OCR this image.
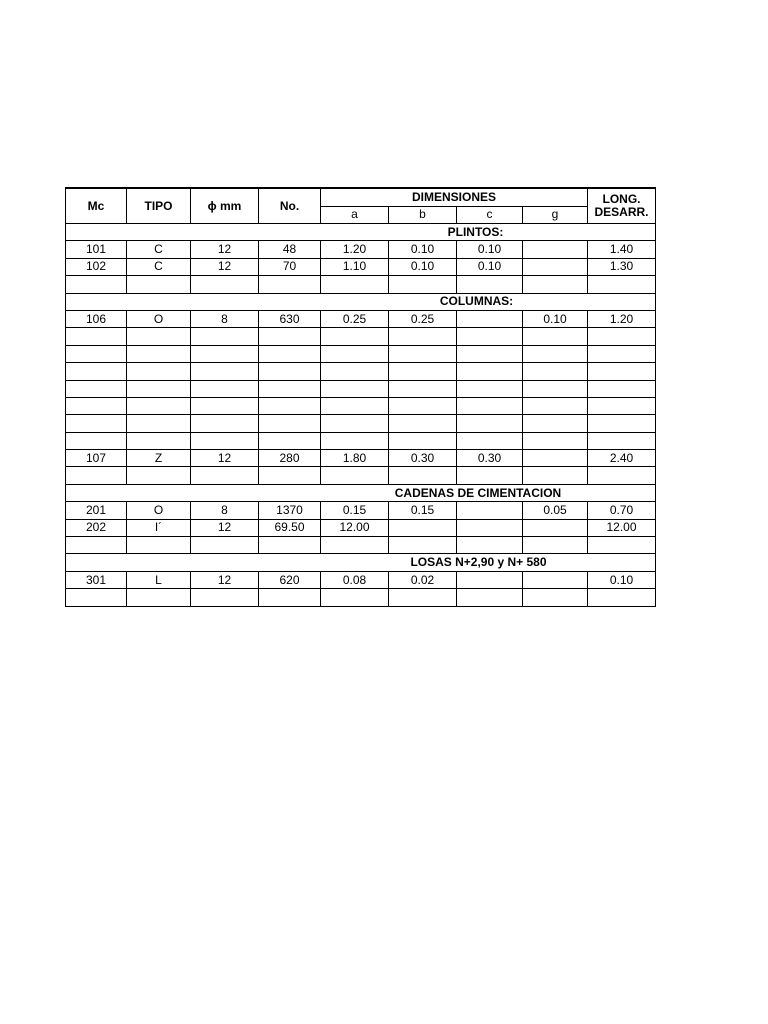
Mc	TIPO	ϕ mm	No.	DIMENSIONES				LONG.
DESARR.
				a	b	c	g	
PLINTOS:								
101	C	12	48	1.20	0.10	0.10		1.40
102	C	12	70	1.10	0.10	0.10		1.30

COLUMNAS:								
106	O	8	630	0.25	0.25		0.10	1.20

107	Z	12	280	1.80	0.30	0.30		2.40

CADENAS DE CIMENTACION								
201	O	8	1370	0.15	0.15		0.05	0.70
202	I´	12	69.50	12.00				12.00

LOSAS N+2,90 y N+ 580								
301	L	12	620	0.08	0.02			0.10
